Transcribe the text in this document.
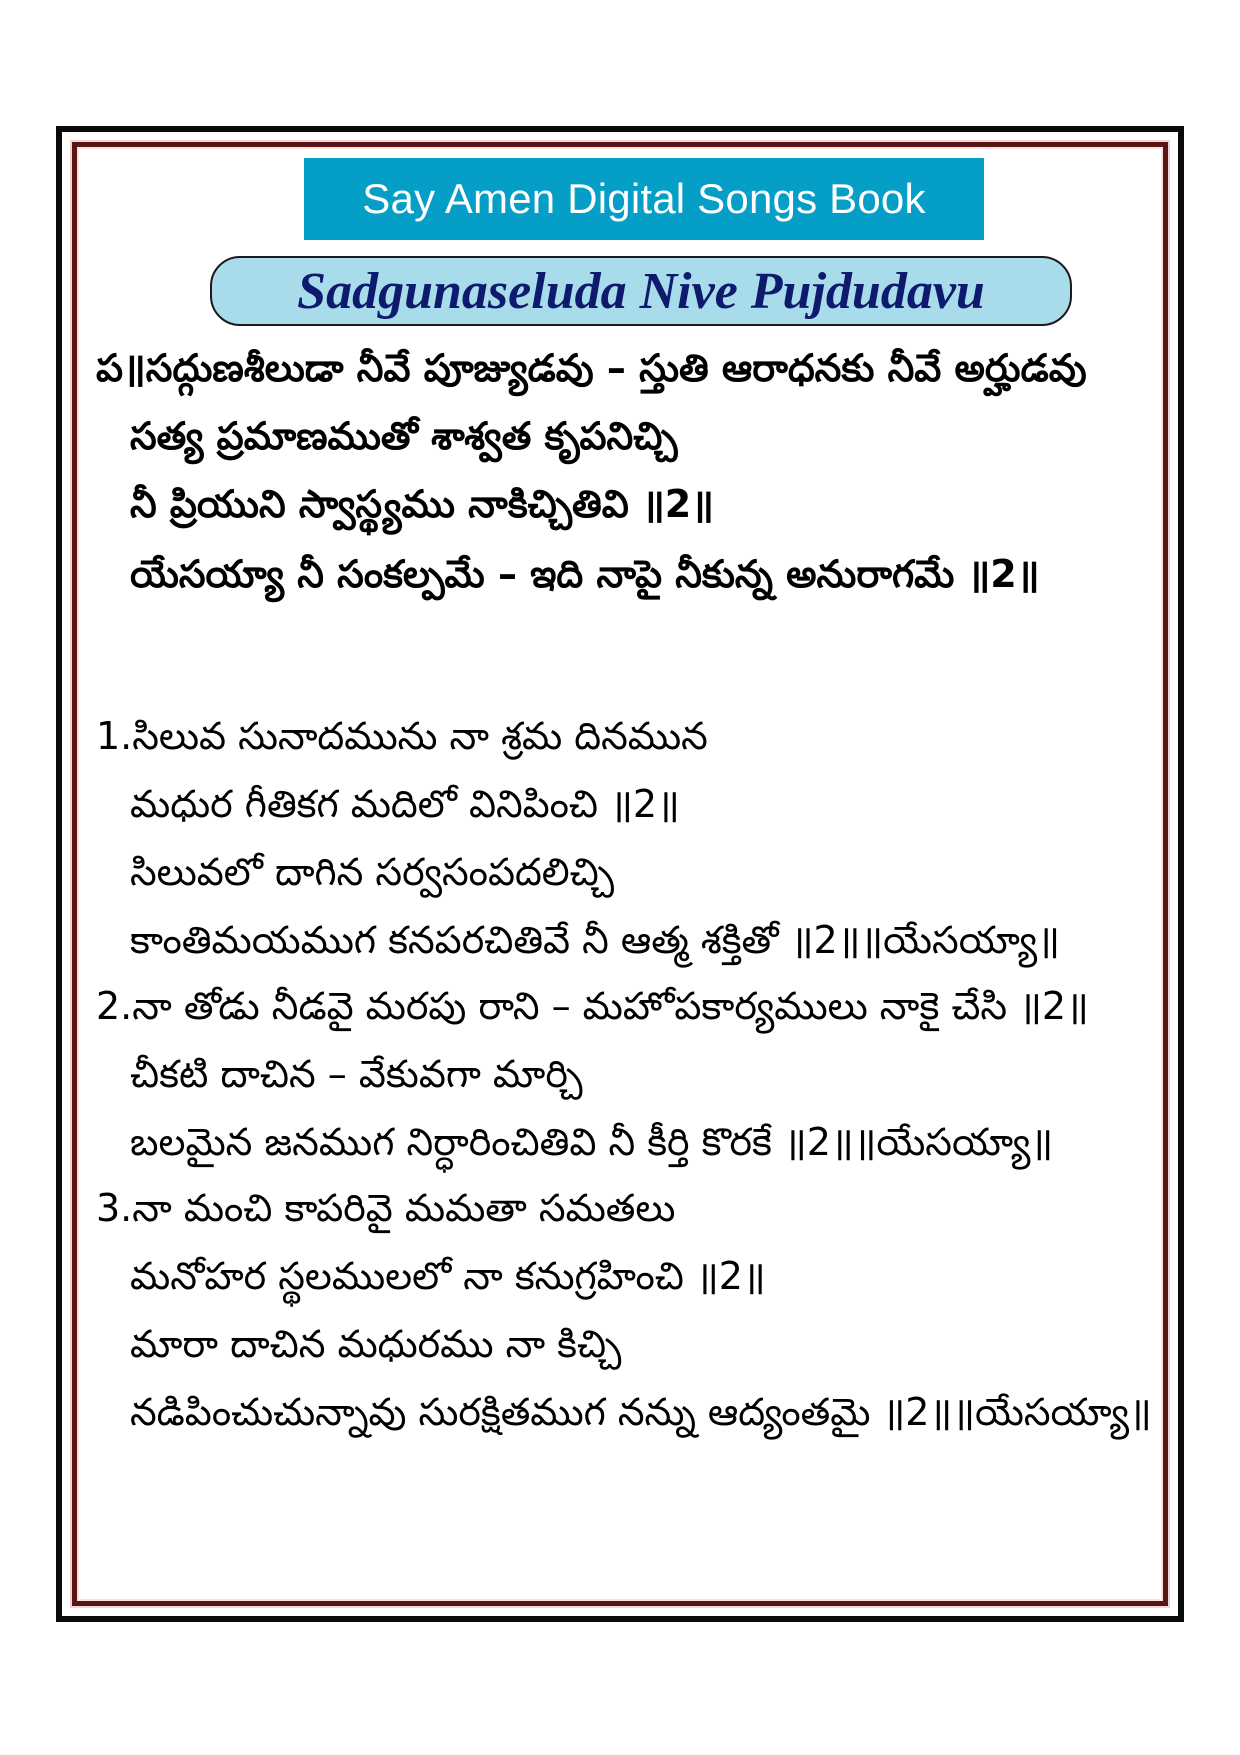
Say Amen Digital Songs Book
Sadgunaseluda Nive Pujdudavu
ప॥సద్గుణశీలుడా నీవే పూజ్యుడవు – స్తుతి ఆరాధనకు నీవే అర్హుడవు
సత్య ప్రమాణముతో శాశ్వత కృపనిచ్చి
నీ ప్రియుని స్వాస్థ్యము నాకిచ్చితివి ॥2॥
యేసయ్యా నీ సంకల్పమే – ఇది నాపై నీకున్న అనురాగమే ॥2॥
1.సిలువ సునాదమును నా శ్రమ దినమున
మధుర గీతికగ మదిలో వినిపించి ॥2॥
సిలువలో దాగిన సర్వసంపదలిచ్చి
కాంతిమయముగ కనపరచితివే నీ ఆత్మ శక్తితో ॥2॥॥యేసయ్యా॥
2.నా తోడు నీడవై మరపు రాని – మహోపకార్యములు నాకై చేసి ॥2॥
చీకటి దాచిన – వేకువగా మార్చి
బలమైన జనముగ నిర్ధారించితివి నీ కీర్తి కొరకే ॥2॥॥యేసయ్యా॥
3.నా మంచి కాపరివై మమతా సమతలు
మనోహర స్థలములలో నా కనుగ్రహించి ॥2॥
మారా దాచిన మధురము నా కిచ్చి
నడిపించుచున్నావు సురక్షితముగ నన్ను ఆద్యంతమై ॥2॥॥యేసయ్యా॥
